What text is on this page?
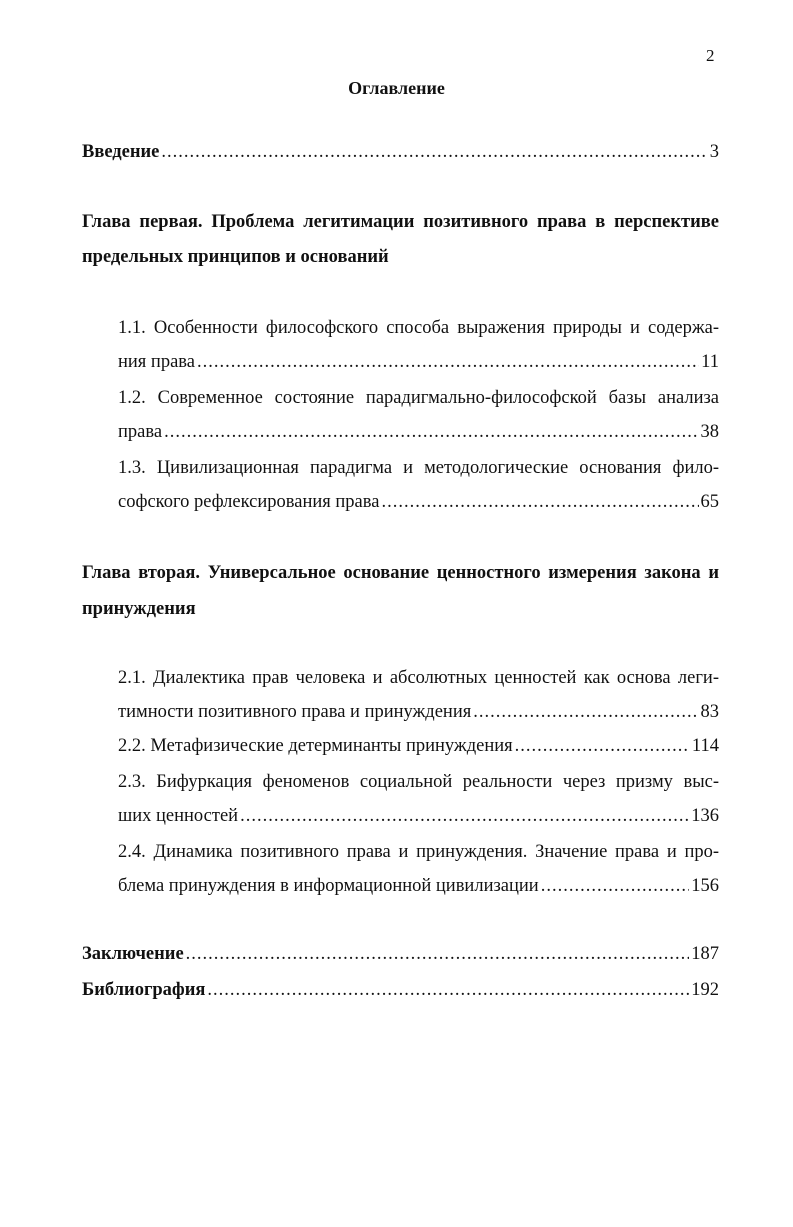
2
Оглавление
Введение .....	3
Глава первая. Проблема легитимации позитивного права в перспективе
предельных принципов и оснований
1.1. Особенности философского способа выражения природы и содержа-
ния права .....	11
1.2. Современное состояние парадигмально-философской базы анализа
права .....	38
1.3. Цивилизационная парадигма и методологические основания фило-
софского рефлексирования права .....	65
Глава вторая. Универсальное основание ценностного измерения закона и
принуждения
2.1. Диалектика прав человека и абсолютных ценностей как основа леги-
тимности позитивного права и принуждения .....	83
2.2. Метафизические детерминанты принуждения .....	114
2.3. Бифуркация феноменов социальной реальности через призму выс-
ших ценностей .....	136
2.4. Динамика позитивного права и принуждения. Значение права и про-
блема принуждения в информационной цивилизации .....	156
Заключение .....	187
Библиография .....	192
